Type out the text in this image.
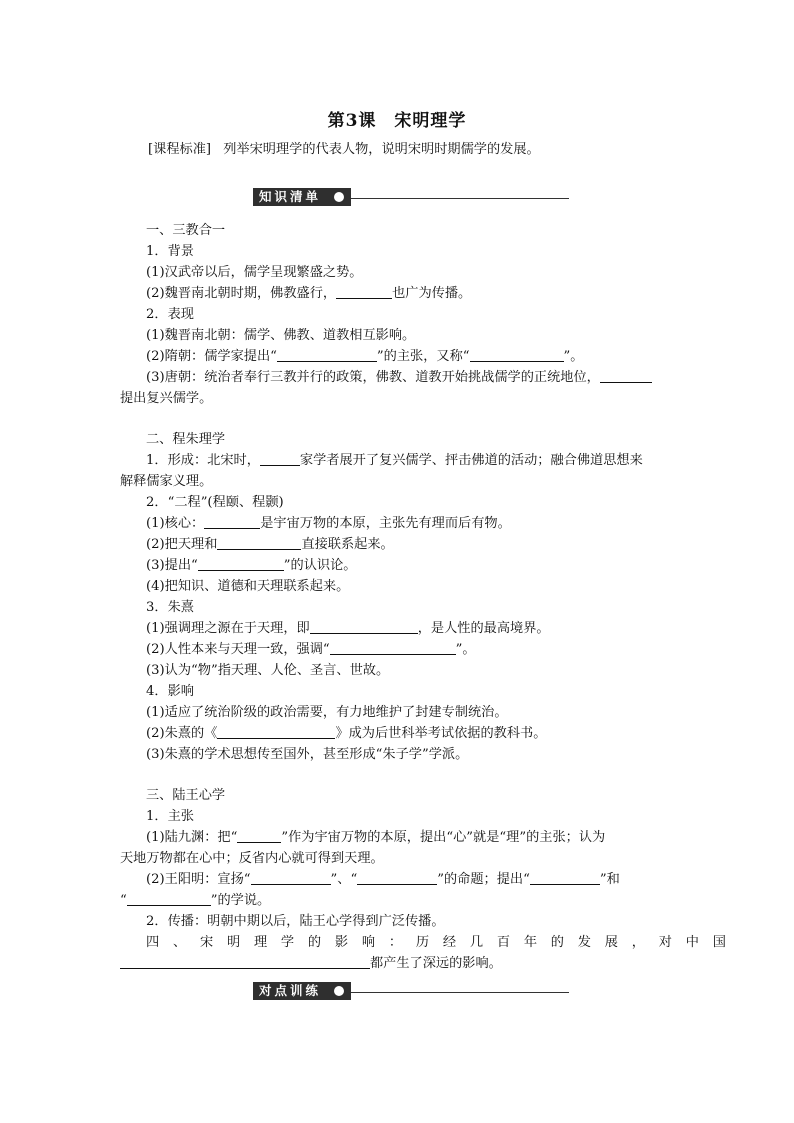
第3课　宋明理学
[课程标准] 列举宋明理学的代表人物，说明宋明时期儒学的发展。
知识清单
一、三教合一
1．背景
(1)汉武帝以后，儒学呈现繁盛之势。
(2)魏晋南北朝时期，佛教盛行，	也广为传播。
2．表现
(1)魏晋南北朝：儒学、佛教、道教相互影响。
(2)隋朝：儒学家提出“	”的主张，又称“	”。
(3)唐朝：统治者奉行三教并行的政策，佛教、道教开始挑战儒学的正统地位，
提出复兴儒学。
二、程朱理学
1．形成：北宋时，	家学者展开了复兴儒学、抨击佛道的活动；融合佛道思想来
解释儒家义理。
2．“二程”(程颐、程颢)
(1)核心：	是宇宙万物的本原，主张先有理而后有物。
(2)把天理和	直接联系起来。
(3)提出“	”的认识论。
(4)把知识、道德和天理联系起来。
3．朱熹
(1)强调理之源在于天理，即	，是人性的最高境界。
(2)人性本来与天理一致，强调“	”。
(3)认为“物”指天理、人伦、圣言、世故。
4．影响
(1)适应了统治阶级的政治需要，有力地维护了封建专制统治。
(2)朱熹的《	》成为后世科举考试依据的教科书。
(3)朱熹的学术思想传至国外，甚至形成“朱子学”学派。
三、陆王心学
1．主张
(1)陆九渊：把“	”作为宇宙万物的本原，提出“心”就是“理”的主张；认为
天地万物都在心中；反省内心就可得到天理。
(2)王阳明：宣扬“	”、“	”的命题；提出“	”和
“	”的学说。
2．传播：明朝中期以后，陆王心学得到广泛传播。
四、宋明理学的影响：历经几百年的发展，对中国
都产生了深远的影响。
对点训练
